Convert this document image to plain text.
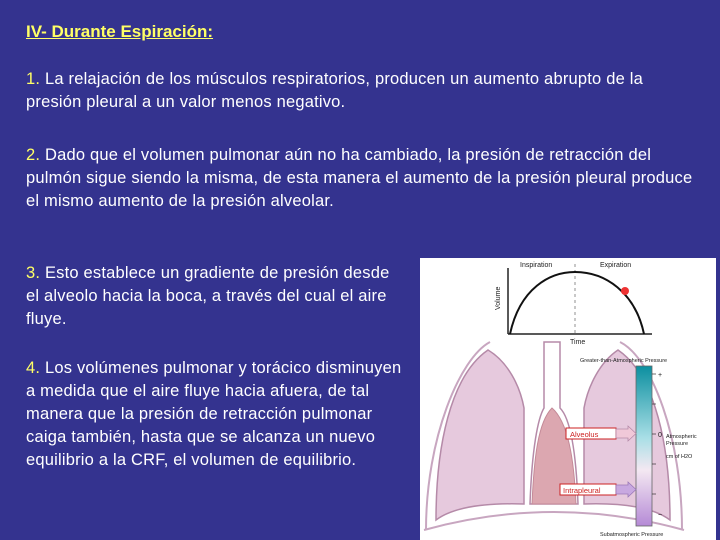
IV- Durante Espiración:
1. La relajación de los músculos respiratorios, producen un aumento abrupto de la presión pleural a un valor menos negativo.
2. Dado que el volumen pulmonar aún no ha cambiado, la presión de retracción del pulmón sigue siendo la misma, de esta manera el aumento de la presión pleural produce el mismo aumento de la presión alveolar.
3. Esto establece un gradiente de presión desde el alveolo hacia la boca, a través del cual el aire fluye.
4. Los volúmenes pulmonar y torácico disminuyen a medida que el aire fluye hacia afuera, de tal manera que la presión de retracción pulmonar caiga también, hasta que se alcanza un nuevo equilibrio a la CRF, el volumen de equilibrio.
Inspiration	Expiration
Volume
Time
+
0
−
Greater-than-Atmospheric Pressure
Subatmospheric Pressure
Atmospheric
Pressure
cm of H2O
Alveolus
Intrapleural
